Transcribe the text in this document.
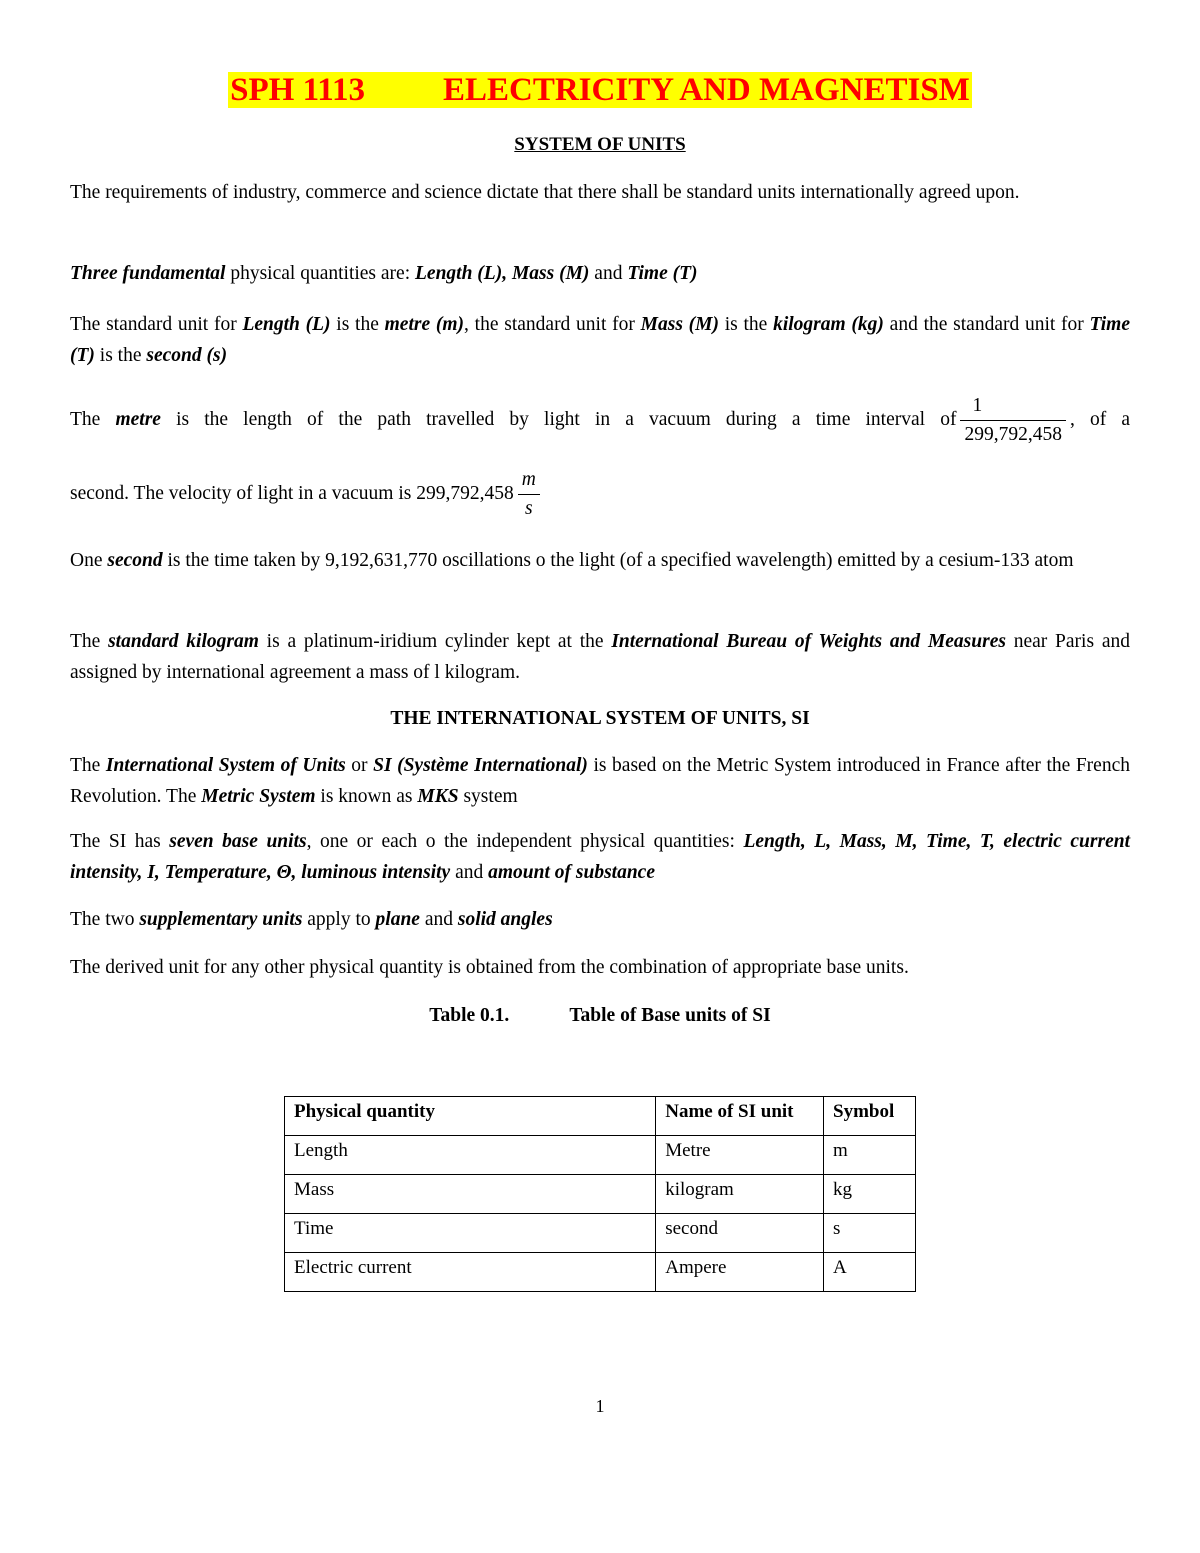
SPH 1113 ELECTRICITY AND MAGNETISM
SYSTEM OF UNITS
The requirements of industry, commerce and science dictate that there shall be standard units internationally agreed upon.
Three fundamental physical quantities are: Length (L), Mass (M) and Time (T)
The standard unit for Length (L) is the metre (m), the standard unit for Mass (M) is the kilogram (kg) and the standard unit for Time (T) is the second (s)
The metre is the length of the path travelled by light in a vacuum during a time interval of $\frac{1}{299,792,458}$ , of a
second. The velocity of light in a vacuum is $299,792,458 \frac{m}{s}$
One second is the time taken by 9,192,631,770 oscillations o the light (of a specified wavelength) emitted by a cesium-133 atom
The standard kilogram is a platinum-iridium cylinder kept at the International Bureau of Weights and Measures near Paris and assigned by international agreement a mass of l kilogram.
THE INTERNATIONAL SYSTEM OF UNITS, SI
The International System of Units or SI (Système International) is based on the Metric System introduced in France after the French Revolution. The Metric System is known as MKS system
The SI has seven base units, one or each o the independent physical quantities: Length, L, Mass, M, Time, T, electric current intensity, I, Temperature, Θ, luminous intensity and amount of substance
The two supplementary units apply to plane and solid angles
The derived unit for any other physical quantity is obtained from the combination of appropriate base units.
Table 0.1.	Table of Base units of SI
Physical quantity	Name of SI unit	Symbol
Length	Metre	m
Mass	kilogram	kg
Time	second	s
Electric current	Ampere	A
1
